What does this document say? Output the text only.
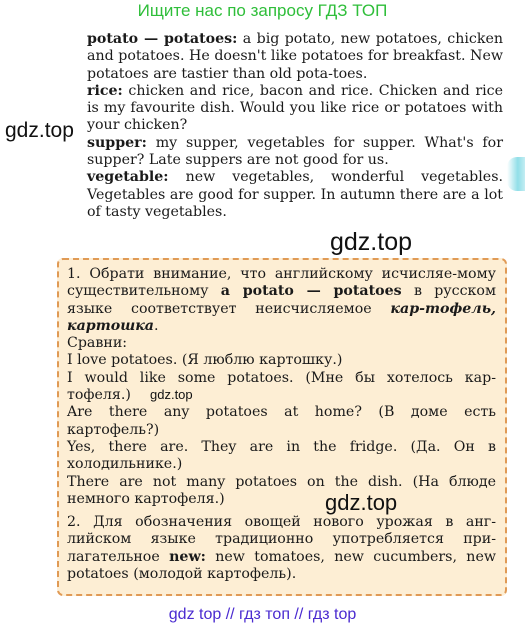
Ищите нас по запросу ГДЗ ТОП

potato — potatoes: a big potato, new potatoes, chicken and potatoes. He doesn't like potatoes for breakfast. New potatoes are tastier than old pota-toes.

rice: chicken and rice, bacon and rice. Chicken and rice is my favourite dish. Would you like rice or potatoes with your chicken?

supper: my supper, vegetables for supper. What's for supper? Late suppers are not good for us.

vegetable: new vegetables, wonderful vegetables. Vegetables are good for supper. In autumn there are a lot of tasty vegetables.

1. Обрати внимание, что английскому исчисляе-мому существительному a potato — potatoes в русском языке соответствует неисчисляемое кар-тофель, картошка.

Сравни:

I love potatoes. (Я люблю картошку.)

I would like some potatoes. (Мне бы хотелось кар-тофеля.)

Are there any potatoes at home? (В доме есть картофель?)

Yes, there are. They are in the fridge. (Да. Он в холодильнике.)

There are not many potatoes on the dish. (На блюде немного картофеля.)

2. Для обозначения овощей нового урожая в анг-лийском языке традиционно употребляется при-лагательное new: new tomatoes, new cucumbers, new potatoes (молодой картофель).

gdz.top
gdz.top
gdz.top
gdz.top
gdz top // гдз топ // гдз top
